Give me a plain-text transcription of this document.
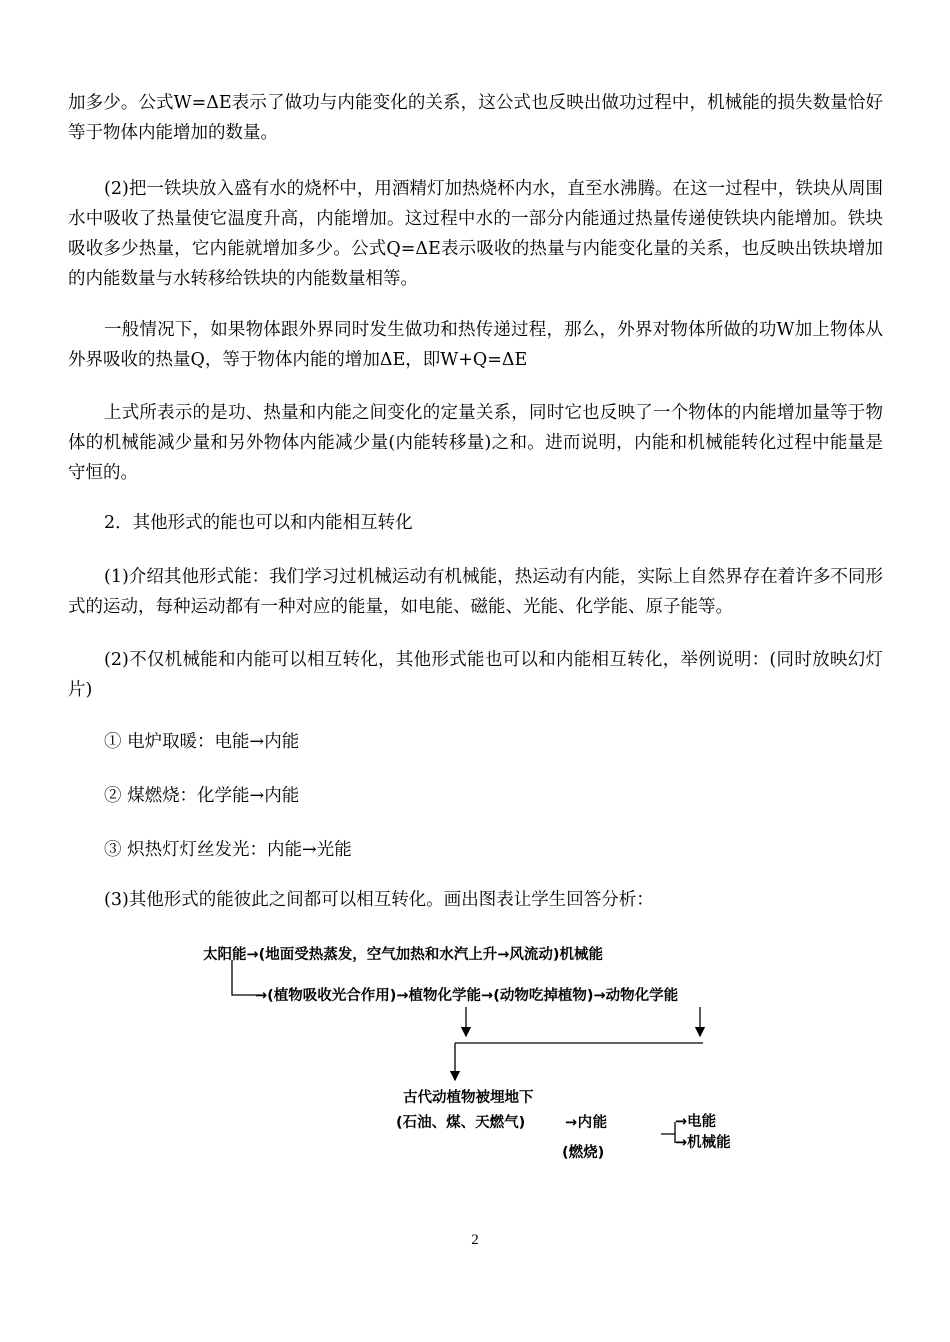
加多少。公式W=ΔE表示了做功与内能变化的关系，这公式也反映出做功过程中，机械能的损失数量恰好等于物体内能增加的数量。

(2)把一铁块放入盛有水的烧杯中，用酒精灯加热烧杯内水，直至水沸腾。在这一过程中，铁块从周围水中吸收了热量使它温度升高，内能增加。这过程中水的一部分内能通过热量传递使铁块内能增加。铁块吸收多少热量，它内能就增加多少。公式Q=ΔE表示吸收的热量与内能变化量的关系，也反映出铁块增加的内能数量与水转移给铁块的内能数量相等。

一般情况下，如果物体跟外界同时发生做功和热传递过程，那么，外界对物体所做的功W加上物体从外界吸收的热量Q，等于物体内能的增加ΔE，即W+Q=ΔE

上式所表示的是功、热量和内能之间变化的定量关系，同时它也反映了一个物体的内能增加量等于物体的机械能减少量和另外物体内能减少量(内能转移量)之和。进而说明，内能和机械能转化过程中能量是守恒的。

2．其他形式的能也可以和内能相互转化

(1)介绍其他形式能：我们学习过机械运动有机械能，热运动有内能，实际上自然界存在着许多不同形式的运动，每种运动都有一种对应的能量，如电能、磁能、光能、化学能、原子能等。

(2)不仅机械能和内能可以相互转化，其他形式能也可以和内能相互转化，举例说明：(同时放映幻灯片)

① 电炉取暖：电能→内能
② 煤燃烧：化学能→内能
③ 炽热灯灯丝发光：内能→光能
(3)其他形式的能彼此之间都可以相互转化。画出图表让学生回答分析：
太阳能→(地面受热蒸发，空气加热和水汽上升→风流动)机械能
→(植物吸收光合作用)→植物化学能→(动物吃掉植物)→动物化学能
古代动植物被埋地下
(石油、煤、天燃气)	→内能
(燃烧)
→电能
→机械能
2
